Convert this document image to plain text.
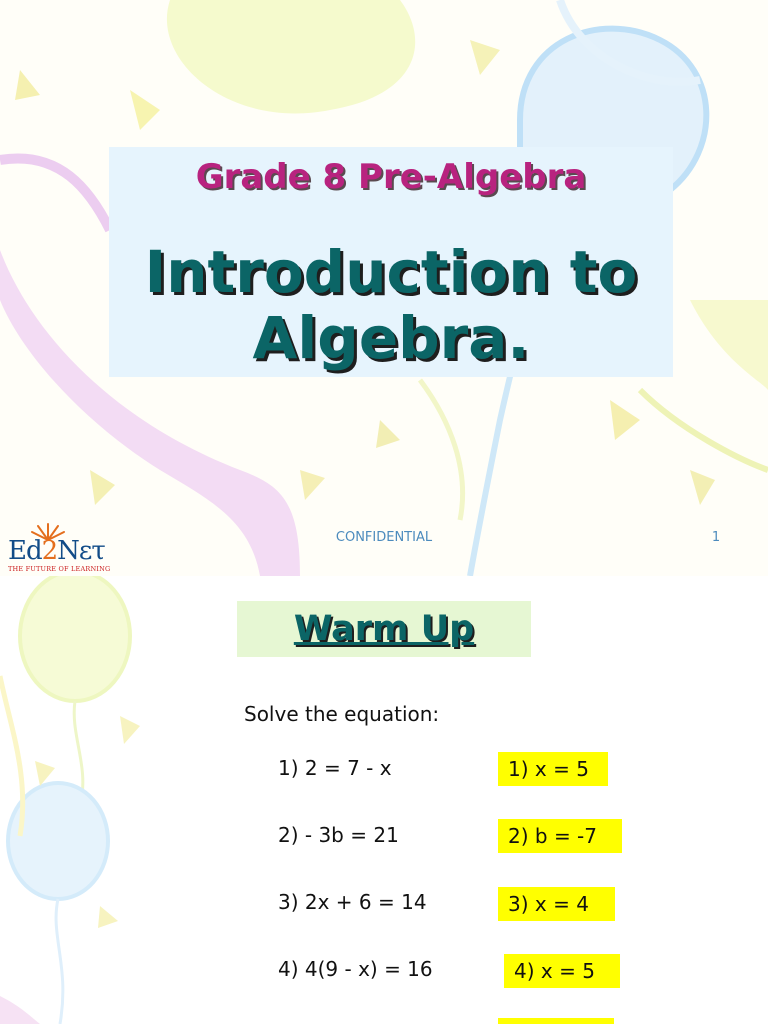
Grade 8 Pre-Algebra
Introduction to
Algebra.
Ed2Nετ
THE FUTURE OF LEARNING
CONFIDENTIAL	1
Warm Up
Solve the equation:
1) 2 = 7 - x	1) x = 5
2) - 3b = 21	2) b = -7
3) 2x + 6 = 14	3) x = 4
4) 4(9 - x) = 16	4) x = 5
